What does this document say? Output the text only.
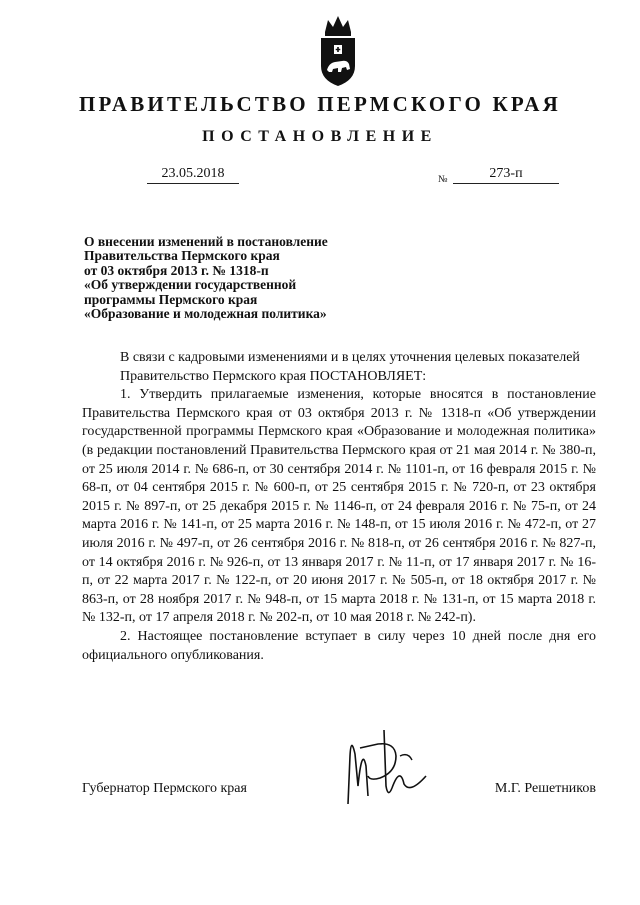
ПРАВИТЕЛЬСТВО ПЕРМСКОГО КРАЯ
ПОСТАНОВЛЕНИЕ
23.05.2018	№	273-п
О внесении изменений в постановление
Правительства Пермского края
от 03 октября 2013 г. № 1318-п
«Об утверждении государственной
программы Пермского края
«Образование и молодежная политика»

В связи с кадровыми изменениями и в целях уточнения целевых показателей

Правительство Пермского края ПОСТАНОВЛЯЕТ:

1. Утвердить прилагаемые изменения, которые вносятся в постановление Правительства Пермского края от 03 октября 2013 г. № 1318-п «Об утверждении государственной программы Пермского края «Образование и молодежная политика» (в редакции постановлений Правительства Пермского края от 21 мая 2014 г. № 380-п, от 25 июля 2014 г. № 686-п, от 30 сентября 2014 г. № 1101-п, от 16 февраля 2015 г. № 68-п, от 04 сентября 2015 г. № 600-п, от 25 сентября 2015 г. № 720-п, от 23 октября 2015 г. № 897-п, от 25 декабря 2015 г. № 1146-п, от 24 февраля 2016 г. № 75-п, от 24 марта 2016 г. № 141-п, от 25 марта 2016 г. № 148-п, от 15 июля 2016 г. № 472-п, от 27 июля 2016 г. № 497-п, от 26 сентября 2016 г. № 818-п, от 26 сентября 2016 г. № 827-п, от 14 октября 2016 г. № 926-п, от 13 января 2017 г. № 11-п, от 17 января 2017 г. № 16-п, от 22 марта 2017 г. № 122-п, от 20 июня 2017 г. № 505-п, от 18 октября 2017 г. № 863-п, от 28 ноября 2017 г. № 948-п, от 15 марта 2018 г. № 131-п, от 15 марта 2018 г. № 132-п, от 17 апреля 2018 г. № 202-п, от 10 мая 2018 г. № 242-п).

2. Настоящее постановление вступает в силу через 10 дней после дня его официального опубликования.

Губернатор Пермского края	М.Г. Решетников
